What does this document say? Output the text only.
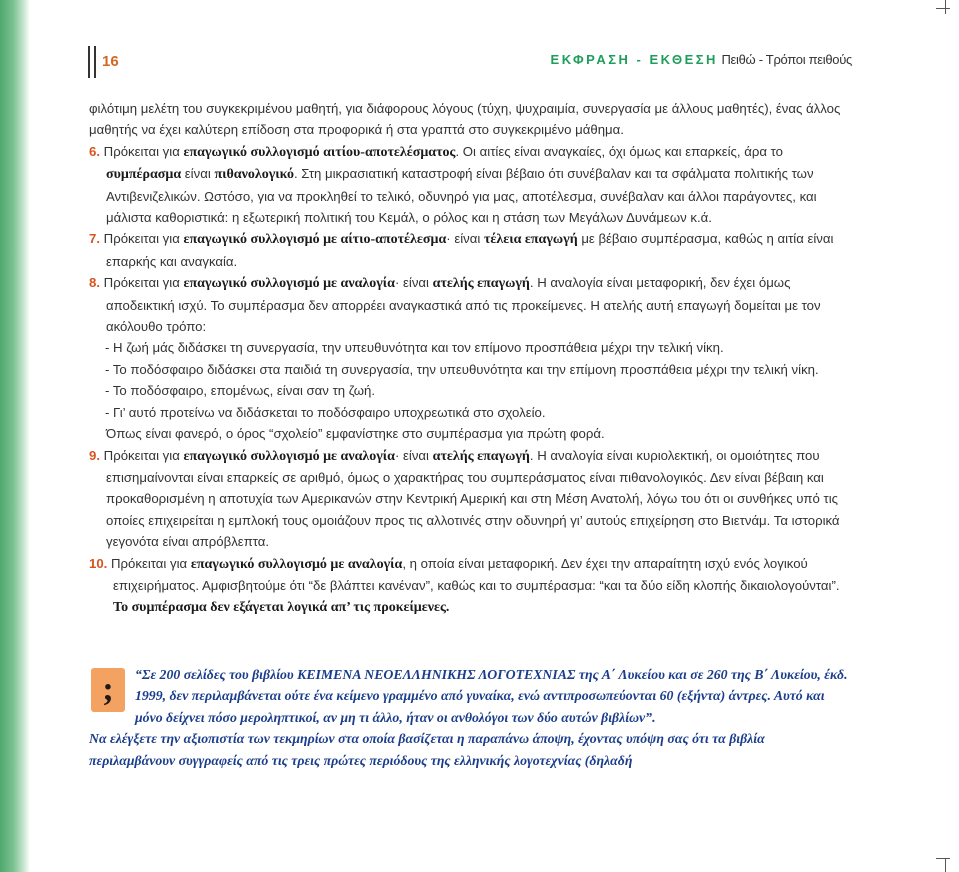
16	ΕΚΦΡΑΣΗ - ΕΚΘΕΣΗ Πειθώ - Τρόποι πειθούς

φιλότιμη μελέτη του συγκεκριμένου μαθητή, για διάφορους λόγους (τύχη, ψυχραιμία, συνεργασία με άλλους μαθητές), ένας άλλος μαθητής να έχει καλύτερη επίδοση στα προφορικά ή στα γραπτά στο συγκεκριμένο μάθημα.

6. Πρόκειται για επαγωγικό συλλογισμό αιτίου-αποτελέσματος. Οι αιτίες είναι αναγκαίες, όχι όμως και επαρκείς, άρα το συμπέρασμα είναι πιθανολογικό. Στη μικρασιατική καταστροφή είναι βέβαιο ότι συνέβαλαν και τα σφάλματα πολιτικής των Αντιβενιζελικών. Ωστόσο, για να προκληθεί το τελικό, οδυνηρό για μας, αποτέλεσμα, συνέβαλαν και άλλοι παράγοντες, και μάλιστα καθοριστικά: η εξωτερική πολιτική του Κεμάλ, ο ρόλος και η στάση των Μεγάλων Δυνάμεων κ.ά.

7. Πρόκειται για επαγωγικό συλλογισμό με αίτιο-αποτέλεσμα· είναι τέλεια επαγωγή με βέβαιο συμπέρασμα, καθώς η αιτία είναι επαρκής και αναγκαία.

8. Πρόκειται για επαγωγικό συλλογισμό με αναλογία· είναι ατελής επαγωγή. Η αναλογία είναι μεταφορική, δεν έχει όμως αποδεικτική ισχύ. Το συμπέρασμα δεν απορρέει αναγκαστικά από τις προκείμενες. Η ατελής αυτή επαγωγή δομείται με τον ακόλουθο τρόπο:

- Η ζωή μάς διδάσκει τη συνεργασία, την υπευθυνότητα και τον επίμονο προσπάθεια μέχρι την τελική νίκη.

- Το ποδόσφαιρο διδάσκει στα παιδιά τη συνεργασία, την υπευθυνότητα και την επίμονη προσπάθεια μέχρι την τελική νίκη.

- Το ποδόσφαιρο, επομένως, είναι σαν τη ζωή.

- Γι’ αυτό προτείνω να διδάσκεται το ποδόσφαιρο υποχρεωτικά στο σχολείο.

Όπως είναι φανερό, ο όρος “σχολείο” εμφανίστηκε στο συμπέρασμα για πρώτη φορά.

9. Πρόκειται για επαγωγικό συλλογισμό με αναλογία· είναι ατελής επαγωγή. Η αναλογία είναι κυριολεκτική, οι ομοιότητες που επισημαίνονται είναι επαρκείς σε αριθμό, όμως ο χαρακτήρας του συμπεράσματος είναι πιθανολογικός. Δεν είναι βέβαιη και προκαθορισμένη η αποτυχία των Αμερικανών στην Κεντρική Αμερική και στη Μέση Ανατολή, λόγω του ότι οι συνθήκες υπό τις οποίες επιχειρείται η εμπλοκή τους ομοιάζουν προς τις αλλοτινές στην οδυνηρή γι’ αυτούς επιχείρηση στο Βιετνάμ. Τα ιστορικά γεγονότα είναι απρόβλεπτα.

10. Πρόκειται για επαγωγικό συλλογισμό με αναλογία, η οποία είναι μεταφορική. Δεν έχει την απαραίτητη ισχύ ενός λογικού επιχειρήματος. Αμφισβητούμε ότι “δε βλάπτει κανέναν”, καθώς και το συμπέρασμα: “και τα δύο είδη κλοπής δικαιολογούνται”. Το συμπέρασμα δεν εξάγεται λογικά απ’ τις προκείμενες.

;	“Σε 200 σελίδες του βιβλίου ΚΕΙΜΕΝΑ ΝΕΟΕΛΛΗΝΙΚΗΣ ΛΟΓΟΤΕΧΝΙΑΣ της Α΄ Λυκείου και σε 260 της Β΄ Λυκείου, έκδ. 1999, δεν περιλαμβάνεται ούτε ένα κείμενο γραμμένο από γυναίκα, ενώ αντιπροσωπεύονται 60 (εξήντα) άντρες. Αυτό και μόνο δείχνει πόσο μεροληπτικοί, αν μη τι άλλο, ήταν οι ανθολόγοι των δύο αυτών βιβλίων”.

Να ελέγξετε την αξιοπιστία των τεκμηρίων στα οποία βασίζεται η παραπάνω άποψη, έχοντας υπόψη σας ότι τα βιβλία περιλαμβάνουν συγγραφείς από τις τρεις πρώτες περιόδους της ελληνικής λογοτεχνίας (δηλαδή
